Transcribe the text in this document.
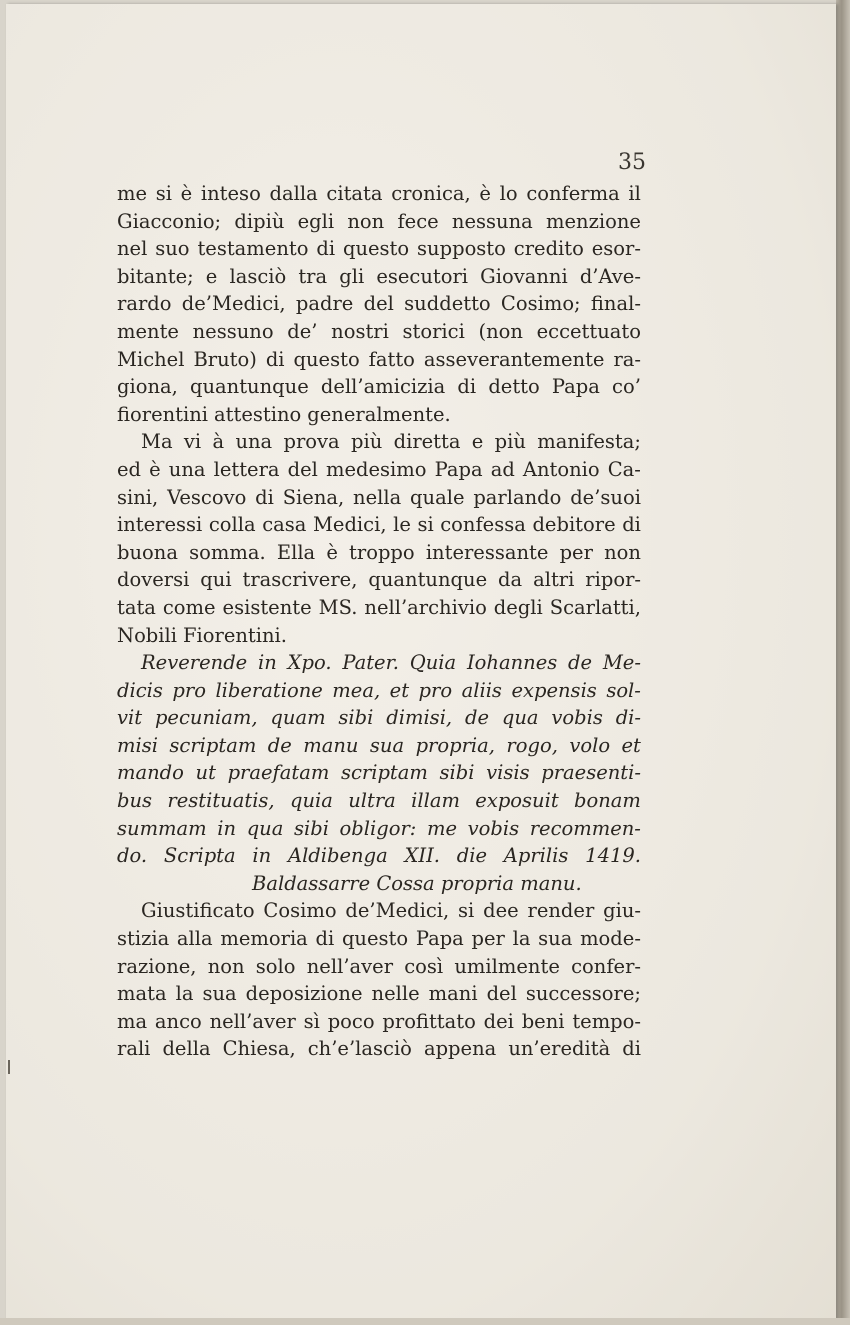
35
me si è inteso dalla citata cronica, è lo conferma il
Giacconio; dipiù egli non fece nessuna menzione
nel suo testamento di questo supposto credito esor-
bitante; e lasciò tra gli esecutori Giovanni d’Ave-
rardo de’Medici, padre del suddetto Cosimo; final-
mente nessuno de’ nostri storici (non eccettuato
Michel Bruto) di questo fatto asseverantemente ra-
giona, quantunque dell’amicizia di detto Papa co’
fiorentini attestino generalmente.
Ma vi à una prova più diretta e più manifesta;
ed è una lettera del medesimo Papa ad Antonio Ca-
sini, Vescovo di Siena, nella quale parlando de’suoi
interessi colla casa Medici, le si confessa debitore di
buona somma. Ella è troppo interessante per non
doversi qui trascrivere, quantunque da altri ripor-
tata come esistente MS. nell’archivio degli Scarlatti,
Nobili Fiorentini.
Reverende in Xpo. Pater. Quia Iohannes de Me-
dicis pro liberatione mea, et pro aliis expensis sol-
vit pecuniam, quam sibi dimisi, de qua vobis di-
misi scriptam de manu sua propria, rogo, volo et
mando ut praefatam scriptam sibi visis praesenti-
bus restituatis, quia ultra illam exposuit bonam
summam in qua sibi obligor: me vobis recommen-
do. Scripta in Aldibenga XII. die Aprilis 1419.
Baldassarre Cossa propria manu.
Giustificato Cosimo de’Medici, si dee render giu-
stizia alla memoria di questo Papa per la sua mode-
razione, non solo nell’aver così umilmente confer-
mata la sua deposizione nelle mani del successore;
ma anco nell’aver sì poco profittato dei beni tempo-
rali della Chiesa, ch’e’lasciò appena un’eredità di
